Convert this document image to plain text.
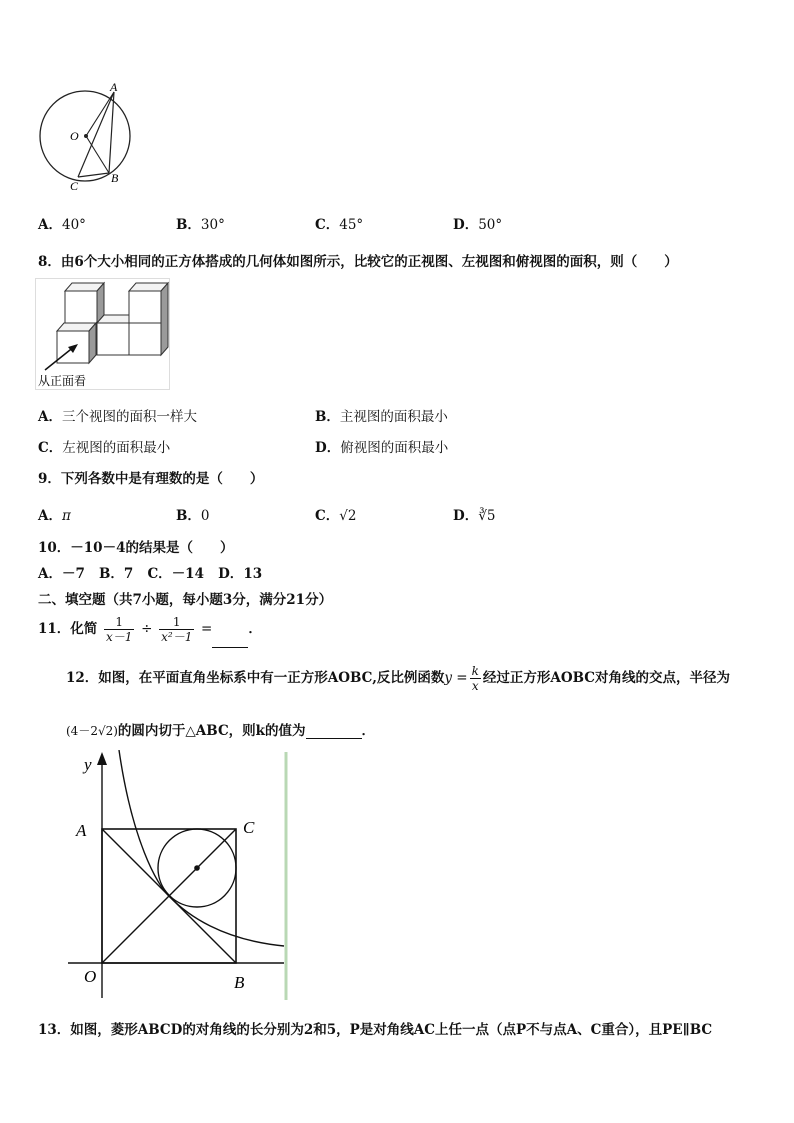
A
O
C
B
A．40°	B．30°	C．45°	D．50°
8．由6个大小相同的正方体搭成的几何体如图所示，比较它的正视图、左视图和俯视图的面积，则（　　）
从正面看
A．三个视图的面积一样大	B．主视图的面积最小
C．左视图的面积最小	D．俯视图的面积最小
9．下列各数中是有理数的是（　　）
A．π	B．0	C．√2	D．∛5
10．－10－4的结果是（　　）
A．－7 B．7 C．－14 D．13
二、填空题（共7小题，每小题3分，满分21分）
11．化简 $\frac{1}{x-1} \div \frac{1}{\text{x²－1}}$ =	．
12．如图，在平面直角坐标系中有一正方形AOBC,反比例函数$y = \frac{k}{x}$ 经过正方形AOBC对角线的交点，半径为
(4－2√2)的圆内切于△ABC，则k的值为	．
y
A	C
O	B
13．如图，菱形ABCD的对角线的长分别为2和5，P是对角线AC上任一点（点P不与点A、C重合），且PE∥BC
